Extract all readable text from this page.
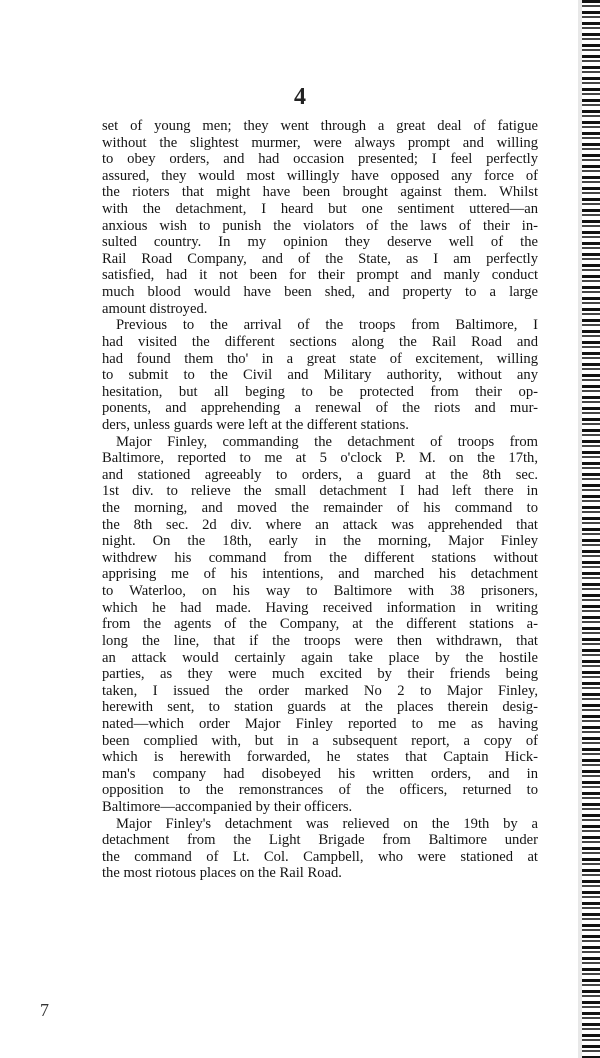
4
set of young men; they went through a great deal of fatigue
without the slightest murmer, were always prompt and willing
to obey orders, and had occasion presented; I feel perfectly
assured, they would most willingly have opposed any force of
the rioters that might have been brought against them. Whilst
with the detachment, I heard but one sentiment uttered—an
anxious wish to punish the violators of the laws of their in-
sulted country. In my opinion they deserve well of the
Rail Road Company, and of the State, as I am perfectly
satisfied, had it not been for their prompt and manly conduct
much blood would have been shed, and property to a large
amount distroyed.
Previous to the arrival of the troops from Baltimore, I
had visited the different sections along the Rail Road and
had found them tho' in a great state of excitement, willing
to submit to the Civil and Military authority, without any
hesitation, but all beging to be protected from their op-
ponents, and apprehending a renewal of the riots and mur-
ders, unless guards were left at the different stations.
Major Finley, commanding the detachment of troops from
Baltimore, reported to me at 5 o'clock P. M. on the 17th,
and stationed agreeably to orders, a guard at the 8th sec.
1st div. to relieve the small detachment I had left there in
the morning, and moved the remainder of his command to
the 8th sec. 2d div. where an attack was apprehended that
night. On the 18th, early in the morning, Major Finley
withdrew his command from the different stations without
apprising me of his intentions, and marched his detachment
to Waterloo, on his way to Baltimore with 38 prisoners,
which he had made. Having received information in writing
from the agents of the Company, at the different stations a-
long the line, that if the troops were then withdrawn, that
an attack would certainly again take place by the hostile
parties, as they were much excited by their friends being
taken, I issued the order marked No 2 to Major Finley,
herewith sent, to station guards at the places therein desig-
nated—which order Major Finley reported to me as having
been complied with, but in a subsequent report, a copy of
which is herewith forwarded, he states that Captain Hick-
man's company had disobeyed his written orders, and in
opposition to the remonstrances of the officers, returned to
Baltimore—accompanied by their officers.
Major Finley's detachment was relieved on the 19th by a
detachment from the Light Brigade from Baltimore under
the command of Lt. Col. Campbell, who were stationed at
the most riotous places on the Rail Road.
7
